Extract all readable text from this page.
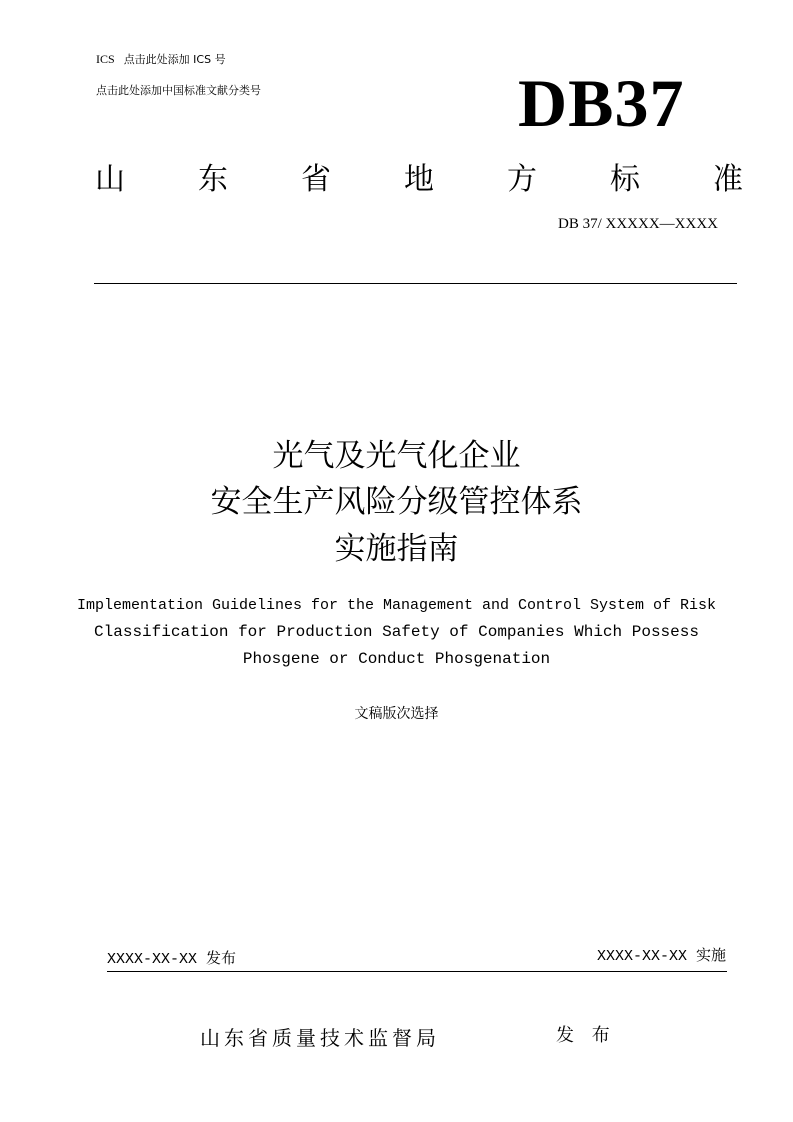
ICS 点击此处添加 ICS 号
点击此处添加中国标准文献分类号	DB37
山 东 省 地 方 标 准
DB 37/ XXXXX—XXXX
光气及光气化企业
安全生产风险分级管控体系
实施指南
Implementation Guidelines for the Management and Control System of Risk
Classification for Production Safety of Companies Which Possess
Phosgene or Conduct Phosgenation
文稿版次选择
XXXX-XX-XX 发布	XXXX-XX-XX 实施
山东省质量技术监督局	发 布
